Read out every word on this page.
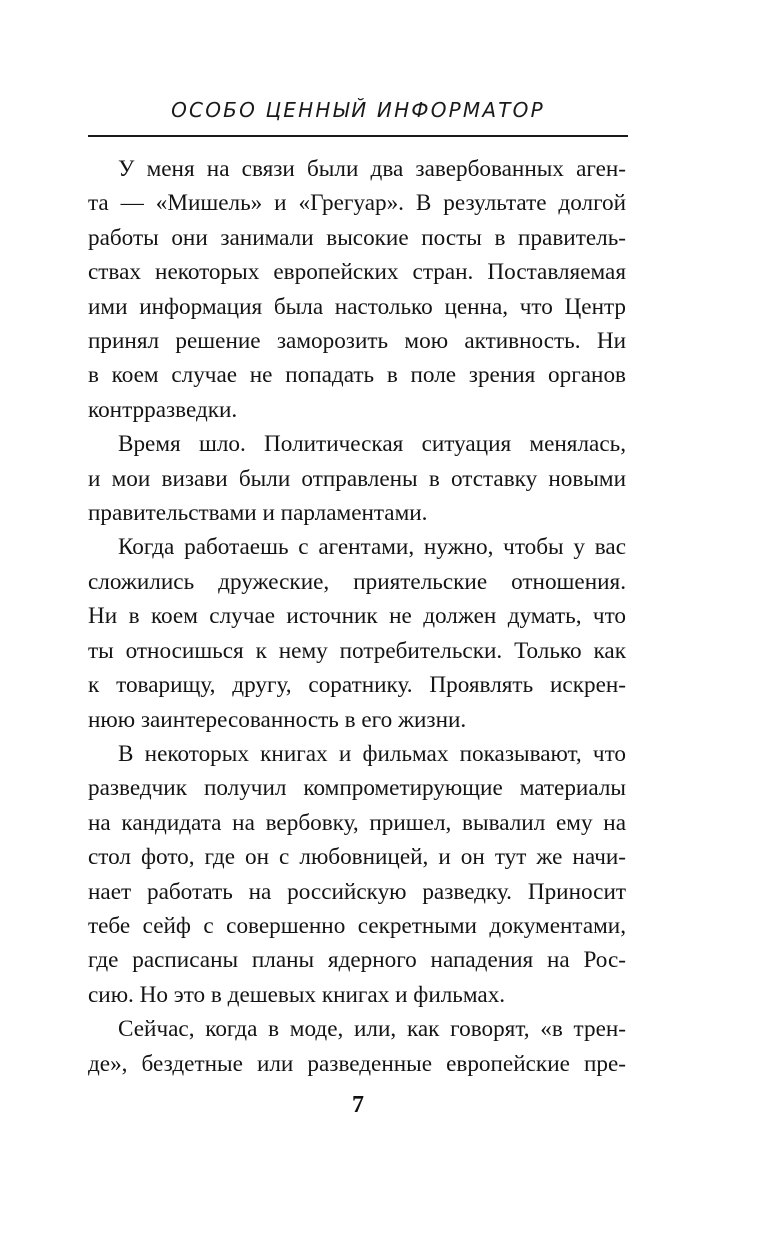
ОСОБО ЦЕННЫЙ ИНФОРМАТОР
У меня на связи были два завербованных аген-
та — «Мишель» и «Грегуар». В результате долгой
работы они занимали высокие посты в правитель-
ствах некоторых европейских стран. Поставляемая
ими информация была настолько ценна, что Центр
принял решение заморозить мою активность. Ни
в коем случае не попадать в поле зрения органов
контрразведки.
Время шло. Политическая ситуация менялась,
и мои визави были отправлены в отставку новыми
правительствами и парламентами.
Когда работаешь с агентами, нужно, чтобы у вас
сложились дружеские, приятельские отношения.
Ни в коем случае источник не должен думать, что
ты относишься к нему потребительски. Только как
к товарищу, другу, соратнику. Проявлять искрен-
нюю заинтересованность в его жизни.
В некоторых книгах и фильмах показывают, что
разведчик получил компрометирующие материалы
на кандидата на вербовку, пришел, вывалил ему на
стол фото, где он с любовницей, и он тут же начи-
нает работать на российскую разведку. Приносит
тебе сейф с совершенно секретными документами,
где расписаны планы ядерного нападения на Рос-
сию. Но это в дешевых книгах и фильмах.
Сейчас, когда в моде, или, как говорят, «в трен-
де», бездетные или разведенные европейские пре-
7
